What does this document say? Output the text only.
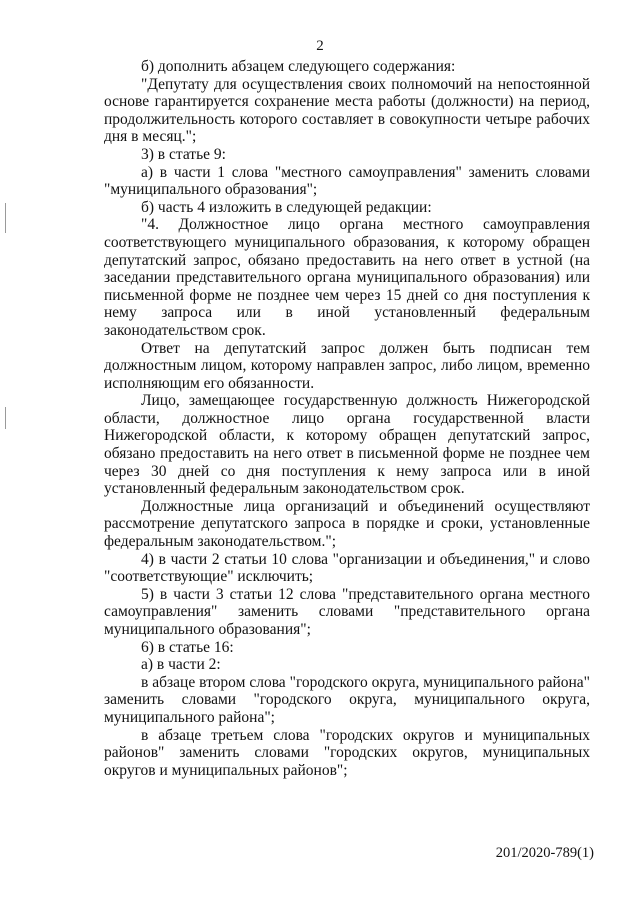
2

б) дополнить абзацем следующего содержания:

"Депутату для осуществления своих полномочий на непостоянной основе гарантируется сохранение места работы (должности) на период, продолжительность которого составляет в совокупности четыре рабочих дня в месяц.";

3) в статье 9:

а) в части 1 слова "местного самоуправления" заменить словами "муниципального образования";

б) часть 4 изложить в следующей редакции:

"4. Должностное лицо органа местного самоуправления соответствующего муниципального образования, к которому обращен депутатский запрос, обязано предоставить на него ответ в устной (на заседании представительного органа муниципального образования) или письменной форме не позднее чем через 15 дней со дня поступления к нему запроса или в иной установленный федеральным законодательством срок.

Ответ на депутатский запрос должен быть подписан тем должностным лицом, которому направлен запрос, либо лицом, временно исполняющим его обязанности.

Лицо, замещающее государственную должность Нижегородской области, должностное лицо органа государственной власти Нижегородской области, к которому обращен депутатский запрос, обязано предоставить на него ответ в письменной форме не позднее чем через 30 дней со дня поступления к нему запроса или в иной установленный федеральным законодательством срок.

Должностные лица организаций и объединений осуществляют рассмотрение депутатского запроса в порядке и сроки, установленные федеральным законодательством.";

4) в части 2 статьи 10 слова "организации и объединения," и слово "соответствующие" исключить;

5) в части 3 статьи 12 слова "представительного органа местного самоуправления" заменить словами "представительного органа муниципального образования";

6) в статье 16:

а) в части 2:

в абзаце втором слова "городского округа, муниципального района" заменить словами "городского округа, муниципального округа, муниципального района";

в абзаце третьем слова "городских округов и муниципальных районов" заменить словами "городских округов, муниципальных округов и муниципальных районов";

201/2020-789(1)
